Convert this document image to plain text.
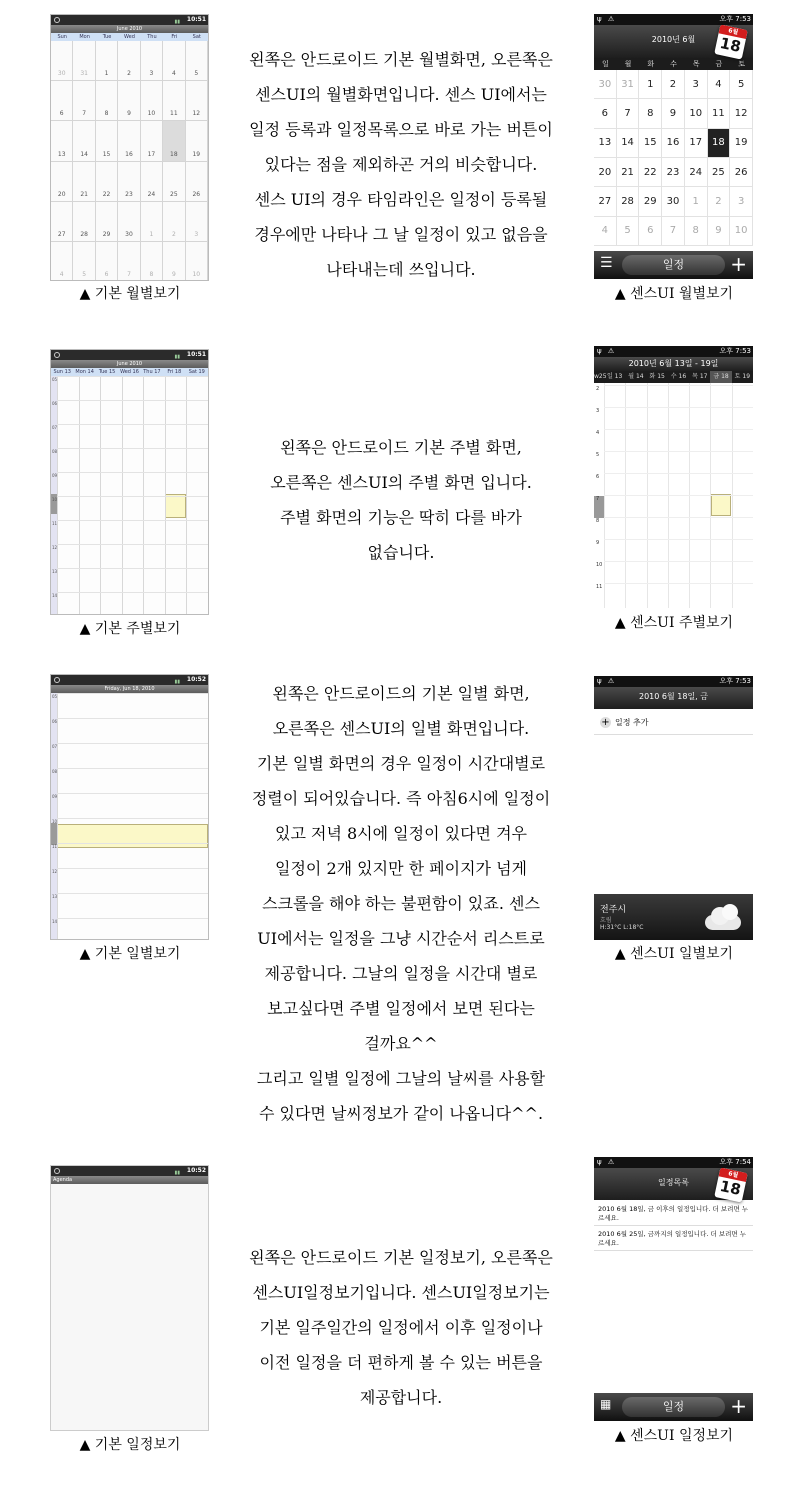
▮▮ 10:51
June 2010
Sun	Mon	Tue	Wed	Thu	Fri	Sat
30	31	1	2	3	4	5
6	7	8	9	10	11	12
13	14	15	16	17	18	19
20	21	22	23	24	25	26
27	28	29	30	1	2	3
4	5	6	7	8	9	10
▲ 기본 월별보기
왼쪽은 안드로이드 기본 월별화면, 오른쪽은
센스UI의 월별화면입니다. 센스 UI에서는
일정 등록과 일정목록으로 바로 가는 버튼이
있다는 점을 제외하곤 거의 비슷합니다.
센스 UI의 경우 타임라인은 일정이 등록될
경우에만 나타나 그 날 일정이 있고 없음을
나타내는데 쓰입니다.
ψ ⚠	오후 7:53
2010년 6월
6월
18
일	월	화	수	목	금	토
30 31	1	2	3	4	5
6	7	8	9	10 11 12
13 14 15 16 17 18 19
20 21 22 23 24 25 26
27 28 29 30	1	2	3
4	5	6	7	8	9	10
☰	일정	+
▲ 센스UI 월별보기
▮▮ 10:51
June 2010
Sun 13 Mon 14 Tue 15 Wed 16 Thu 17	Fri 18	Sat 19
05
06
07
08
09
10
11
12
13
14
▲ 기본 주별보기
왼쪽은 안드로이드 기본 주별 화면,
오른쪽은 센스UI의 주별 화면 입니다.
주별 화면의 기능은 딱히 다를 바가
없습니다.
ψ ⚠	오후 7:53
2010년 6월 13일 - 19일
w25 일 13 월 14 화 15 수 16 목 17 금 18 토 19
2
3
4
5
6
7
8
9
10
11
▲ 센스UI 주별보기
▮▮ 10:52
Friday, Jun 18, 2010
05
06
07
08
09
10
11
12
13
14
▲ 기본 일별보기
왼쪽은 안드로이드의 기본 일별 화면,
오른쪽은 센스UI의 일별 화면입니다.
기본 일별 화면의 경우 일정이 시간대별로
정렬이 되어있습니다. 즉 아침6시에 일정이
있고 저녁 8시에 일정이 있다면 겨우
일정이 2개 있지만 한 페이지가 넘게
스크롤을 해야 하는 불편함이 있죠. 센스
UI에서는 일정을 그냥 시간순서 리스트로
제공합니다. 그날의 일정을 시간대 별로
보고싶다면 주별 일정에서 보면 된다는
걸까요^^
그리고 일별 일정에 그날의 날씨를 사용할
수 있다면 날씨정보가 같이 나옵니다^^.
ψ ⚠	오후 7:53
2010 6월 18일, 금
+ 일정 추가
전주시
흐림
H:31°C L:18°C
▲ 센스UI 일별보기
▮▮ 10:52
Agenda
▲ 기본 일정보기
왼쪽은 안드로이드 기본 일정보기, 오른쪽은
센스UI일정보기입니다. 센스UI일정보기는
기본 일주일간의 일정에서 이후 일정이나
이전 일정을 더 편하게 볼 수 있는 버튼을
제공합니다.
ψ ⚠	오후 7:54
일정목록
6월
18
2010 6월 18일, 금 이후의 일정입니다. 더 보려면 누르세요.
2010 6월 25일, 금까지의 일정입니다. 더 보려면 누르세요.
▦	일정	+
▲ 센스UI 일정보기
